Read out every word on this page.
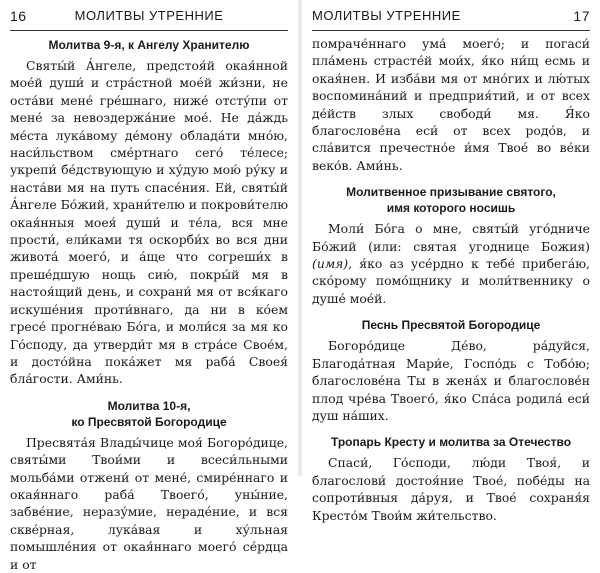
16	МОЛИТВЫ УТРЕННИЕ
Молитва 9-я, к Ангелу Хранителю

Святы́й А́нгеле, предстоя́й окая́нной мое́й души́ и стра́стной мое́й жи́зни, не оста́ви мене́ гре́шнаго, ниже́ отсту́пи от мене́ за невоздержа́ние мое́. Не да́ждь ме́ста лука́вому де́мону облада́ти мно́ю, наси́льством сме́ртнаго сего́ те́лесе; укрепи́ бе́дствующую и ху́дую мою́ ру́ку и наста́ви мя на путь спасе́ния. Ей, святы́й А́нгеле Бо́жий, храни́телю и покрови́телю окая́нныя моея́ души́ и те́ла, вся мне прости́, ели́ками тя оскорби́х во вся дни живота́ моего́, и а́ще что согреши́х в преше́дшую нощь сию́, покры́й мя в настоя́щий день, и сохрани́ мя от вся́каго искуше́ния проти́внаго, да ни в ко́ем гресе́ прогне́ваю Бо́га, и моли́ся за мя ко Го́споду, да утверди́т мя в стра́се Свое́м, и досто́йна пока́жет мя раба́ Своея́ бла́гости. Ами́нь.

Молитва 10-я,
ко Пресвятой Богородице

Пресвята́я Влады́чице моя́ Богоро́дице, святы́ми Твои́ми и всеси́льными мольба́ми отжени́ от мене́, смире́ннаго и окая́ннаго раба́ Твоего́, уны́ние, забве́ние, неразу́мие, нераде́ние, и вся скве́рная, лука́вая и ху́льная помышле́ния от окая́ннаго моего́ се́рдца и от

МОЛИТВЫ УТРЕННИЕ	17

помраче́ннаго ума́ моего́; и погаси́ пла́мень страсте́й мои́х, я́ко ни́щ есмь и окая́нен. И изба́ви мя от мно́гих и лю́тых воспомина́ний и предприя́тий, и от всех де́йств злых свободи́ мя. Я́ко благослове́на еси́ от всех родо́в, и сла́вится пречестно́е и́мя Твое́ во ве́ки веко́в. Ами́нь.

Молитвенное призывание святого,
имя которого носишь

Моли́ Бо́га о мне, святы́й уго́дниче Бо́жий (или: святая угоднице Божия) (имя), я́ко аз усе́рдно к тебе́ прибега́ю, ско́рому помо́щнику и моли́твеннику о душе́ мое́й.

Песнь Пресвятой Богородице

Богоро́дице Де́во, ра́дуйся, Благода́тная Мари́е, Госпо́дь с Тобо́ю; благослове́на Ты в жена́х и благослове́н плод чре́ва Твоего́, я́ко Спа́са родила́ еси́ душ на́ших.

Тропарь Кресту и молитва за Отечество

Спаси́, Го́споди, лю́ди Твоя́, и благослови́ достоя́ние Твое́, побе́ды на сопроти́вныя да́руя, и Твое́ сохраня́я Кресто́м Твои́м жи́тельство.
